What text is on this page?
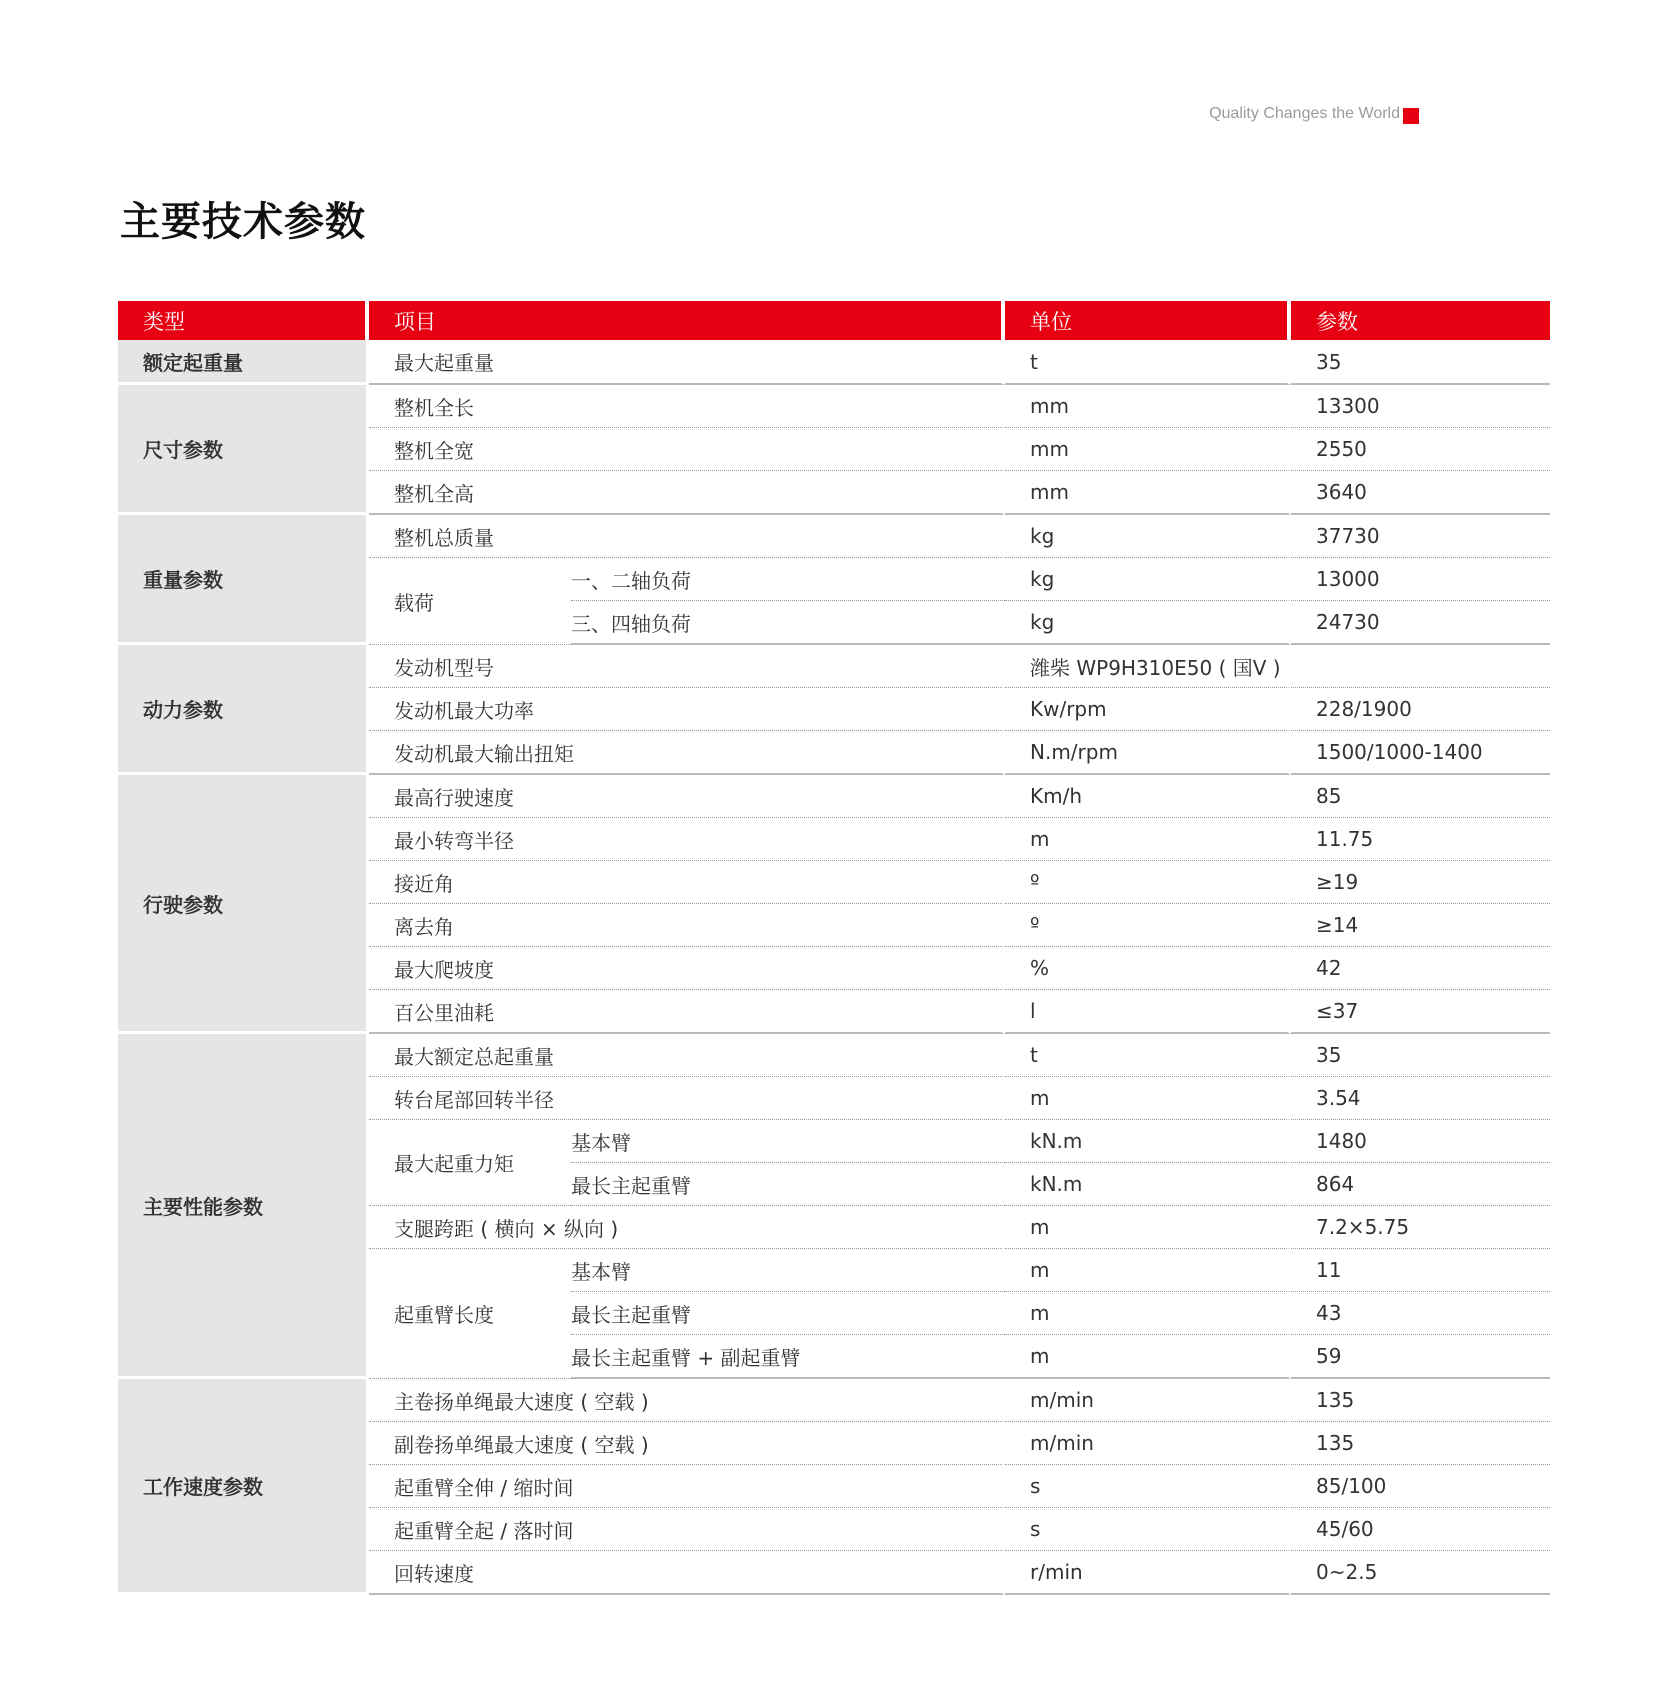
Quality Changes the World
主要技术参数
类型	项目		单位	参数
额定起重量	最大起重量		t	35
尺寸参数	整机全长		mm	13300
	整机全宽		mm	2550
	整机全高		mm	3640
重量参数	整机总质量		kg	37730
	载荷	一、二轴负荷	kg	13000
		三、四轴负荷	kg	24730
动力参数	发动机型号		潍柴 WP9H310E50 ( 国Ⅴ )	
	发动机最大功率		Kw/rpm	228/1900
	发动机最大输出扭矩		N.m/rpm	1500/1000-1400
行驶参数	最高行驶速度		Km/h	85
	最小转弯半径		m	11.75
	接近角		º	≥19
	离去角		º	≥14
	最大爬坡度		%	42
	百公里油耗		l	≤37
主要性能参数	最大额定总起重量		t	35
	转台尾部回转半径		m	3.54
	最大起重力矩	基本臂	kN.m	1480
		最长主起重臂	kN.m	864
	支腿跨距 ( 横向 × 纵向 )		m	7.2×5.75
	起重臂长度	基本臂	m	11
		最长主起重臂	m	43
		最长主起重臂 + 副起重臂	m	59
工作速度参数	主卷扬单绳最大速度 ( 空载 )		m/min	135
	副卷扬单绳最大速度 ( 空载 )		m/min	135
	起重臂全伸 / 缩时间		s	85/100
	起重臂全起 / 落时间		s	45/60
	回转速度		r/min	0~2.5
